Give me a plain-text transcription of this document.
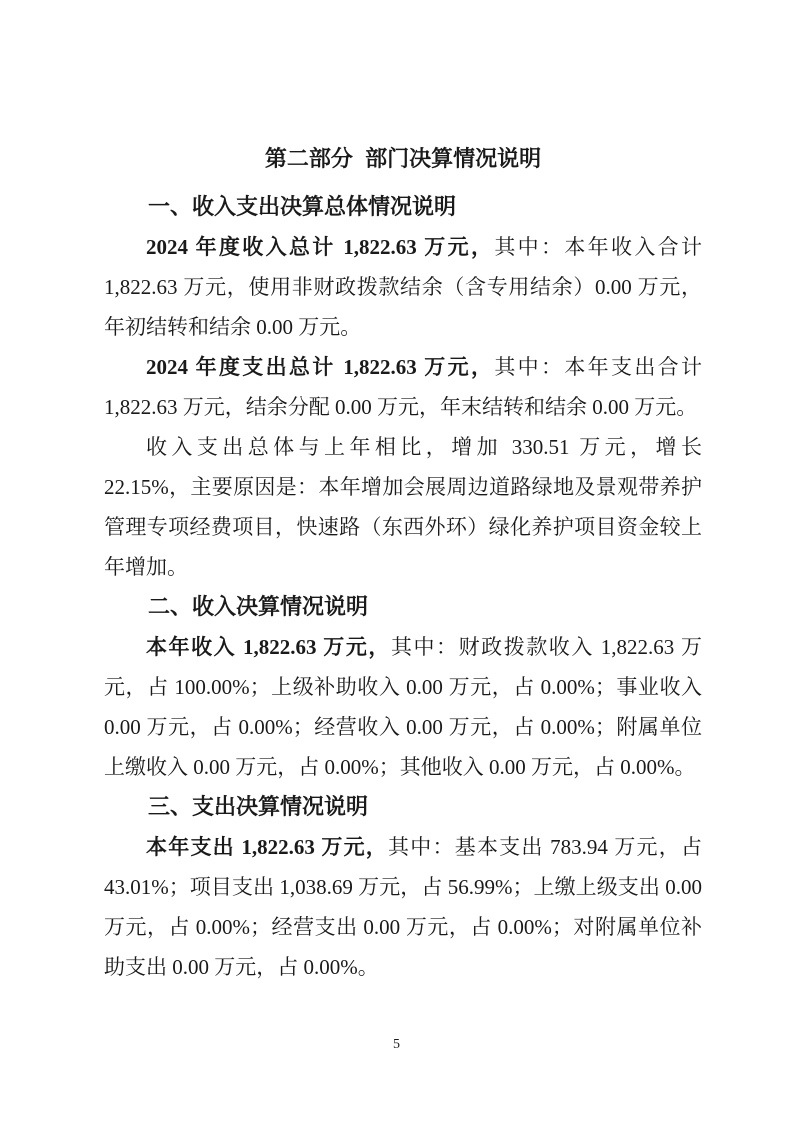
第二部分  部门决算情况说明
一、收入支出决算总体情况说明

2024 年度收入总计 1,822.63 万元，其中：本年收入合计 1,822.63 万元，使用非财政拨款结余（含专用结余）0.00 万元，年初结转和结余 0.00 万元。

2024 年度支出总计 1,822.63 万元，其中：本年支出合计 1,822.63 万元，结余分配 0.00 万元，年末结转和结余 0.00 万元。

收入支出总体与上年相比，增加 330.51 万元，增长 22.15%，主要原因是：本年增加会展周边道路绿地及景观带养护管理专项经费项目，快速路（东西外环）绿化养护项目资金较上年增加。

二、收入决算情况说明

本年收入 1,822.63 万元，其中：财政拨款收入 1,822.63 万元，占 100.00%；上级补助收入 0.00 万元，占 0.00%；事业收入 0.00 万元，占 0.00%；经营收入 0.00 万元，占 0.00%；附属单位上缴收入 0.00 万元，占 0.00%；其他收入 0.00 万元，占 0.00%。

三、支出决算情况说明

本年支出 1,822.63 万元，其中：基本支出 783.94 万元，占 43.01%；项目支出 1,038.69 万元，占 56.99%；上缴上级支出 0.00 万元，占 0.00%；经营支出 0.00 万元，占 0.00%；对附属单位补助支出 0.00 万元，占 0.00%。

5
